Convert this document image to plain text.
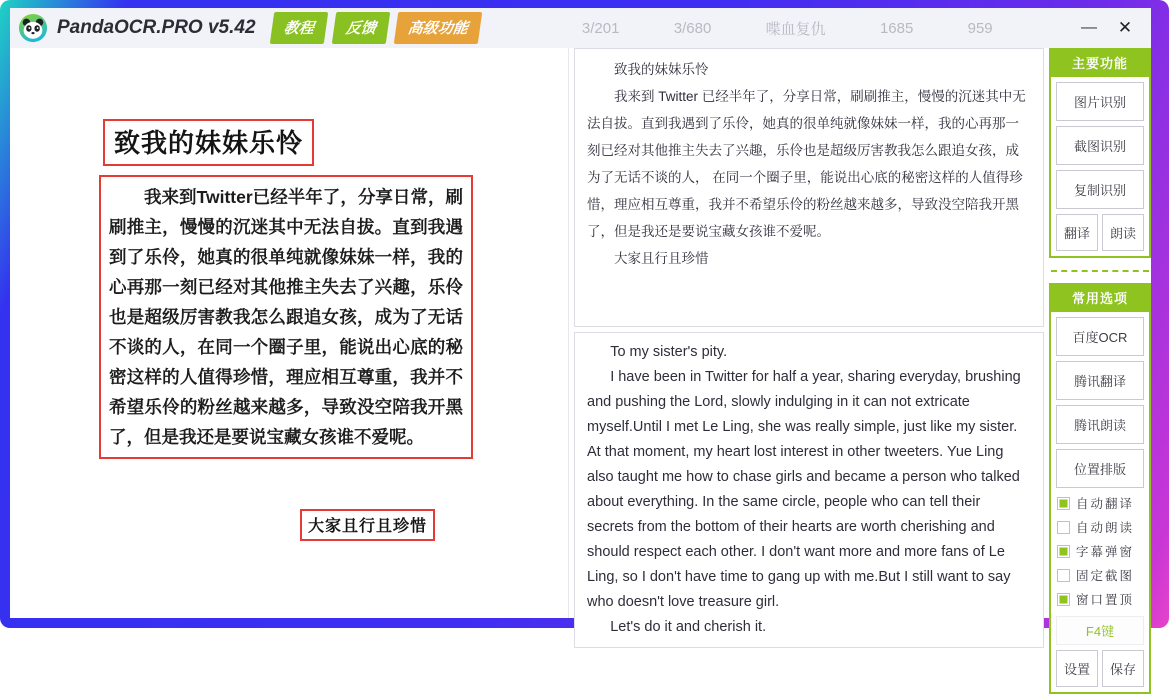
PandaOCR.PRO v5.42	教程	反馈	高级功能	3/201	3/680	喋血复仇	1685	959	—	✕
致我的妹妹乐怜
我来到Twitter已经半年了，分享日常，刷刷推主，慢慢的沉迷其中无法自拔。直到我遇到了乐伶，她真的很单纯就像妹妹一样，我的心再那一刻已经对其他推主失去了兴趣，乐伶也是超级厉害教我怎么跟追女孩，成为了无话不谈的人，在同一个圈子里，能说出心底的秘密这样的人值得珍惜，理应相互尊重，我并不希望乐伶的粉丝越来越多，导致没空陪我开黑了，但是我还是要说宝藏女孩谁不爱呢。
大家且行且珍惜

致我的妹妹乐怜

我来到 Twitter 已经半年了，分享日常，刷刷推主，慢慢的沉迷其中无法自拔。直到我遇到了乐伶，她真的很单纯就像妹妹一样，我的心再那一刻已经对其他推主失去了兴趣，乐伶也是超级厉害教我怎么跟追女孩，成为了无话不谈的人， 在同一个圈子里，能说出心底的秘密这样的人值得珍惜，理应相互尊重，我并不希望乐伶的粉丝越来越多，导致没空陪我开黑了，但是我还是要说宝藏女孩谁不爱呢。

大家且行且珍惜

To my sister's pity.

I have been in Twitter for half a year, sharing everyday, brushing and pushing the Lord, slowly indulging in it can not extricate myself.Until I met Le Ling, she was really simple, just like my sister. At that moment, my heart lost interest in other tweeters. Yue Ling also taught me how to chase girls and became a person who talked about everything. In the same circle, people who can tell their secrets from the bottom of their hearts are worth cherishing and should respect each other. I don't want more and more fans of Le Ling, so I don't have time to gang up with me.But I still want to say who doesn't love treasure girl.

Let's do it and cherish it.

主要功能
图片识别
截图识别
复制识别
翻译	朗读
常用选项
百度OCR
腾讯翻译
腾讯朗读
位置排版
自动翻译
自动朗读
字幕弹窗
固定截图
窗口置顶
F4键
设置	保存
